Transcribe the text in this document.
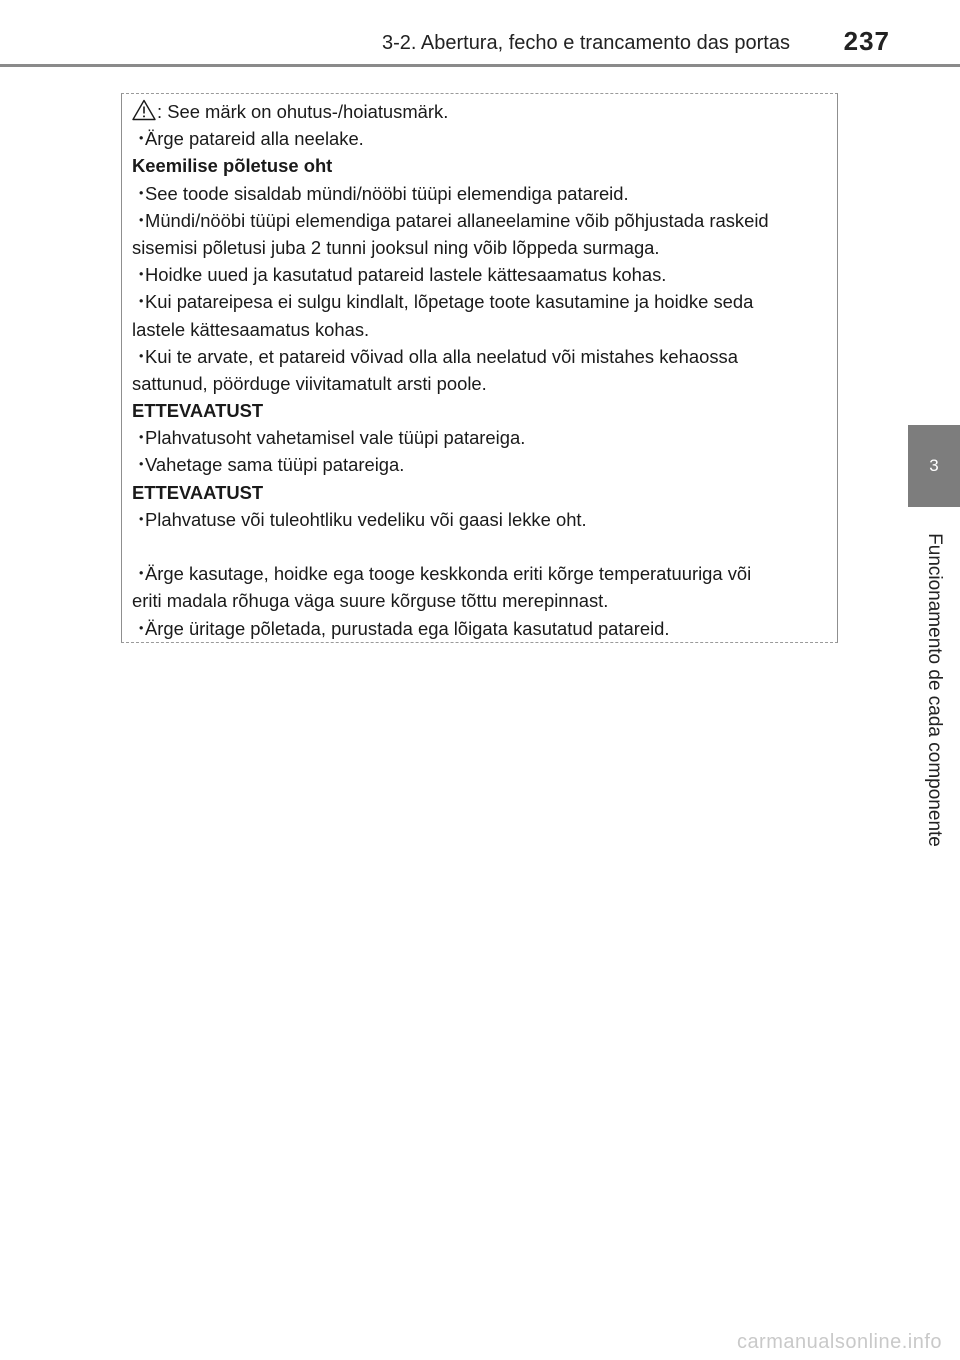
3-2. Abertura, fecho e trancamento das portas 237
3
Funcionamento de cada componente
: See märk on ohutus-/hoiatusmärk.
・Ärge patareid alla neelake.
Keemilise põletuse oht
・See toode sisaldab mündi/nööbi tüüpi elemendiga patareid.
・Mündi/nööbi tüüpi elemendiga patarei allaneelamine võib põhjustada raskeid
sisemisi põletusi juba 2 tunni jooksul ning võib lõppeda surmaga.
・Hoidke uued ja kasutatud patareid lastele kättesaamatus kohas.
・Kui patareipesa ei sulgu kindlalt, lõpetage toote kasutamine ja hoidke seda
lastele kättesaamatus kohas.
・Kui te arvate, et patareid võivad olla alla neelatud või mistahes kehaossa
sattunud, pöörduge viivitamatult arsti poole.
ETTEVAATUST
・Plahvatusoht vahetamisel vale tüüpi patareiga.
・Vahetage sama tüüpi patareiga.
ETTEVAATUST
・Plahvatuse või tuleohtliku vedeliku või gaasi lekke oht.
・Ärge kasutage, hoidke ega tooge keskkonda eriti kõrge temperatuuriga või
eriti madala rõhuga väga suure kõrguse tõttu merepinnast.
・Ärge üritage põletada, purustada ega lõigata kasutatud patareid.
carmanualsonline.info
